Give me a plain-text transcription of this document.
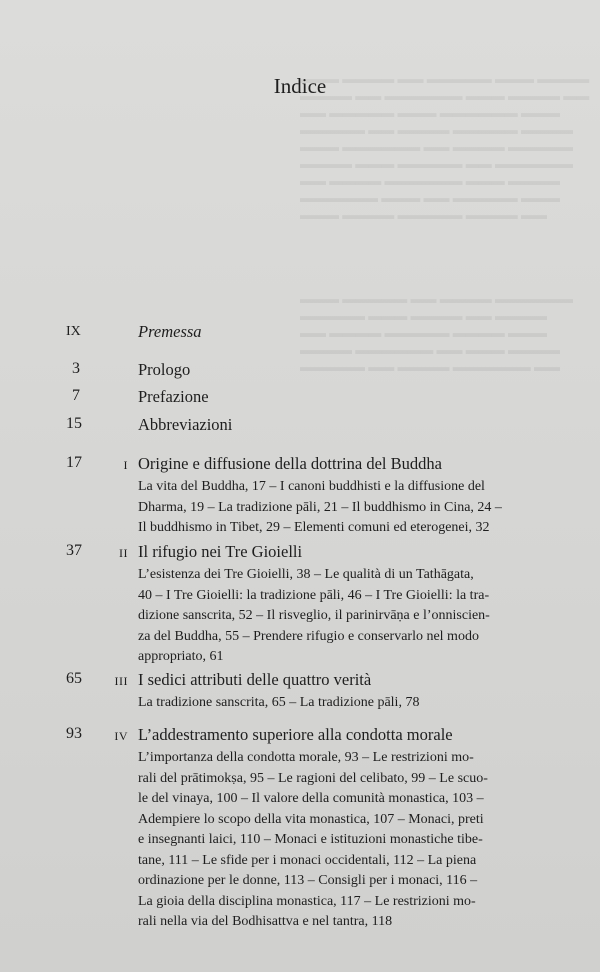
▬▬▬ ▬▬▬▬ ▬▬ ▬▬▬▬▬ ▬▬▬ ▬▬▬▬
▬▬▬▬ ▬▬ ▬▬▬▬▬▬ ▬▬▬ ▬▬▬▬ ▬▬
▬▬ ▬▬▬▬▬ ▬▬▬ ▬▬▬▬▬▬ ▬▬▬
▬▬▬▬▬ ▬▬ ▬▬▬▬ ▬▬▬▬▬ ▬▬▬▬
▬▬▬ ▬▬▬▬▬▬ ▬▬ ▬▬▬▬ ▬▬▬▬▬
▬▬▬▬ ▬▬▬ ▬▬▬▬▬ ▬▬ ▬▬▬▬▬▬
▬▬ ▬▬▬▬ ▬▬▬▬▬▬ ▬▬▬ ▬▬▬▬
▬▬▬▬▬▬ ▬▬▬ ▬▬ ▬▬▬▬▬ ▬▬▬
▬▬▬ ▬▬▬▬ ▬▬▬▬▬ ▬▬▬▬ ▬▬
▬▬▬ ▬▬▬▬▬ ▬▬ ▬▬▬▬ ▬▬▬▬▬▬
▬▬▬▬▬ ▬▬▬ ▬▬▬▬ ▬▬ ▬▬▬▬
▬▬ ▬▬▬▬ ▬▬▬▬▬ ▬▬▬▬ ▬▬▬
▬▬▬▬ ▬▬▬▬▬▬ ▬▬ ▬▬▬ ▬▬▬▬
▬▬▬▬▬ ▬▬ ▬▬▬▬ ▬▬▬▬▬▬ ▬▬
Indice
IX	Premessa
3	Prologo
7	Prefazione
15	Abbreviazioni
17	I Origine e diffusione della dottrina del Buddha
La vita del Buddha, 17 – I canoni buddhisti e la diffusione del
Dharma, 19 – La tradizione pāli, 21 – Il buddhismo in Cina, 24 –
Il buddhismo in Tibet, 29 – Elementi comuni ed eterogenei, 32
37	II Il rifugio nei Tre Gioielli
L’esistenza dei Tre Gioielli, 38 – Le qualità di un Tathāgata,
40 – I Tre Gioielli: la tradizione pāli, 46 – I Tre Gioielli: la tra-
dizione sanscrita, 52 – Il risveglio, il parinirvāṇa e l’onniscien-
za del Buddha, 55 – Prendere rifugio e conservarlo nel modo
appropriato, 61
65	III I sedici attributi delle quattro verità
La tradizione sanscrita, 65 – La tradizione pāli, 78
93	IV L’addestramento superiore alla condotta morale
L’importanza della condotta morale, 93 – Le restrizioni mo-
rali del prātimokṣa, 95 – Le ragioni del celibato, 99 – Le scuo-
le del vinaya, 100 – Il valore della comunità monastica, 103 –
Adempiere lo scopo della vita monastica, 107 – Monaci, preti
e insegnanti laici, 110 – Monaci e istituzioni monastiche tibe-
tane, 111 – Le sfide per i monaci occidentali, 112 – La piena
ordinazione per le donne, 113 – Consigli per i monaci, 116 –
La gioia della disciplina monastica, 117 – Le restrizioni mo-
rali nella via del Bodhisattva e nel tantra, 118
